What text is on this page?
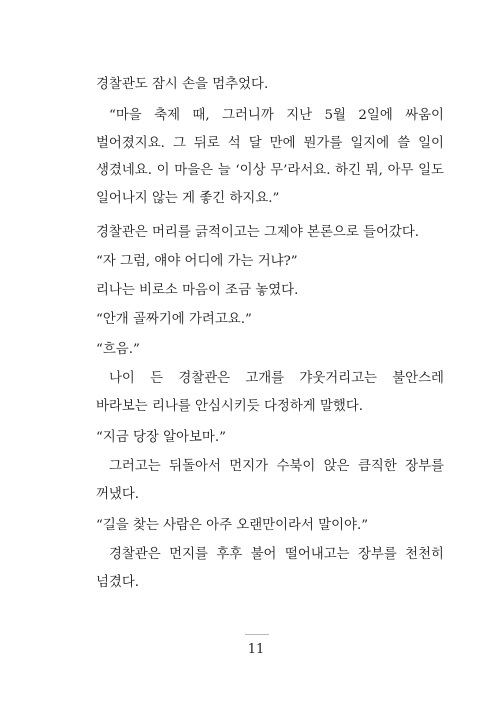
경찰관도 잠시 손을 멈추었다.

“마을 축제 때, 그러니까 지난 5월 2일에 싸움이 벌어졌지요. 그 뒤로 석 달 만에 뭔가를 일지에 쓸 일이 생겼네요. 이 마을은 늘 ‘이상 무’라서요. 하긴 뭐, 아무 일도 일어나지 않는 게 좋긴 하지요.”

경찰관은 머리를 긁적이고는 그제야 본론으로 들어갔다.

“자 그럼, 얘야 어디에 가는 거냐?”

리나는 비로소 마음이 조금 놓였다.

“안개 골짜기에 가려고요.”

“흐음.”

나이 든 경찰관은 고개를 갸웃거리고는 불안스레 바라보는 리나를 안심시키듯 다정하게 말했다.

“지금 당장 알아보마.”

그러고는 뒤돌아서 먼지가 수북이 앉은 큼직한 장부를 꺼냈다.

“길을 찾는 사람은 아주 오랜만이라서 말이야.”

경찰관은 먼지를 후후 불어 떨어내고는 장부를 천천히 넘겼다.

11
